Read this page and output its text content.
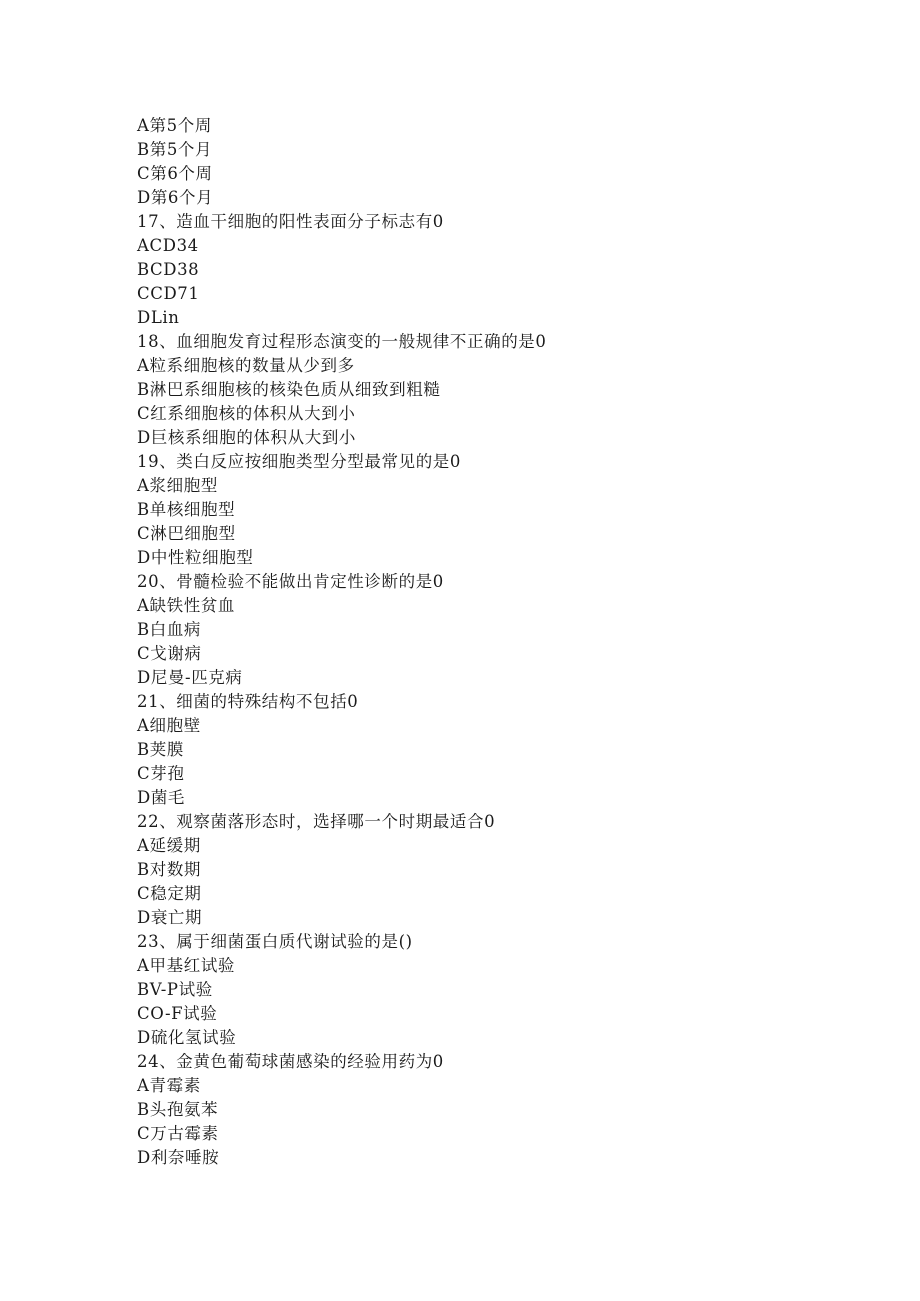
A第5个周
B第5个月
C第6个周
D第6个月
17、造血干细胞的阳性表面分子标志有0
ACD34
BCD38
CCD71
DLin
18、血细胞发育过程形态演变的一般规律不正确的是0
A粒系细胞核的数量从少到多
B淋巴系细胞核的核染色质从细致到粗糙
C红系细胞核的体积从大到小
D巨核系细胞的体积从大到小
19、类白反应按细胞类型分型最常见的是0
A浆细胞型
B单核细胞型
C淋巴细胞型
D中性粒细胞型
20、骨髓检验不能做出肯定性诊断的是0
A缺铁性贫血
B白血病
C戈谢病
D尼曼-匹克病
21、细菌的特殊结构不包括0
A细胞壁
B荚膜
C芽孢
D菌毛
22、观察菌落形态时，选择哪一个时期最适合0
A延缓期
B对数期
C稳定期
D衰亡期
23、属于细菌蛋白质代谢试验的是()
A甲基红试验
BV-P试验
CO-F试验
D硫化氢试验
24、金黄色葡萄球菌感染的经验用药为0
A青霉素
B头孢氨苯
C万古霉素
D利奈唾胺
